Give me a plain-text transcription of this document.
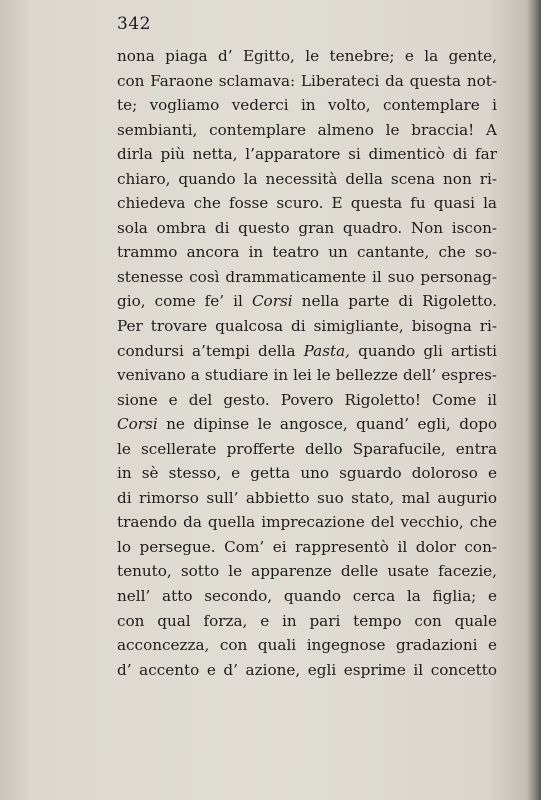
342

nona piaga d’ Egitto, le tenebre; e la gente,
con Faraone sclamava: Liberateci da questa not-
te; vogliamo vederci in volto, contemplare i
sembianti, contemplare almeno le braccia! A
dirla più netta, l’apparatore si dimenticò di far
chiaro, quando la necessità della scena non ri-
chiedeva che fosse scuro. E questa fu quasi la
sola ombra di questo gran quadro. Non iscon-
trammo ancora in teatro un cantante, che so-
stenesse così drammaticamente il suo personag-
gio, come fe’ il Corsi nella parte di Rigoletto.
Per trovare qualcosa di simigliante, bisogna ri-
condursi a’tempi della Pasta, quando gli artisti
venivano a studiare in lei le bellezze dell’ espres-
sione e del gesto. Povero Rigoletto! Come il
Corsi ne dipinse le angosce, quand’ egli, dopo
le scellerate profferte dello Sparafucile, entra
in sè stesso, e getta uno sguardo doloroso e
di rimorso sull’ abbietto suo stato, mal augurio
traendo da quella imprecazione del vecchio, che
lo persegue. Com’ ei rappresentò il dolor con-
tenuto, sotto le apparenze delle usate facezie,
nell’ atto secondo, quando cerca la figlia; e
con qual forza, e in pari tempo con quale
acconcezza, con quali ingegnose gradazioni e
d’ accento e d’ azione, egli esprime il concetto
